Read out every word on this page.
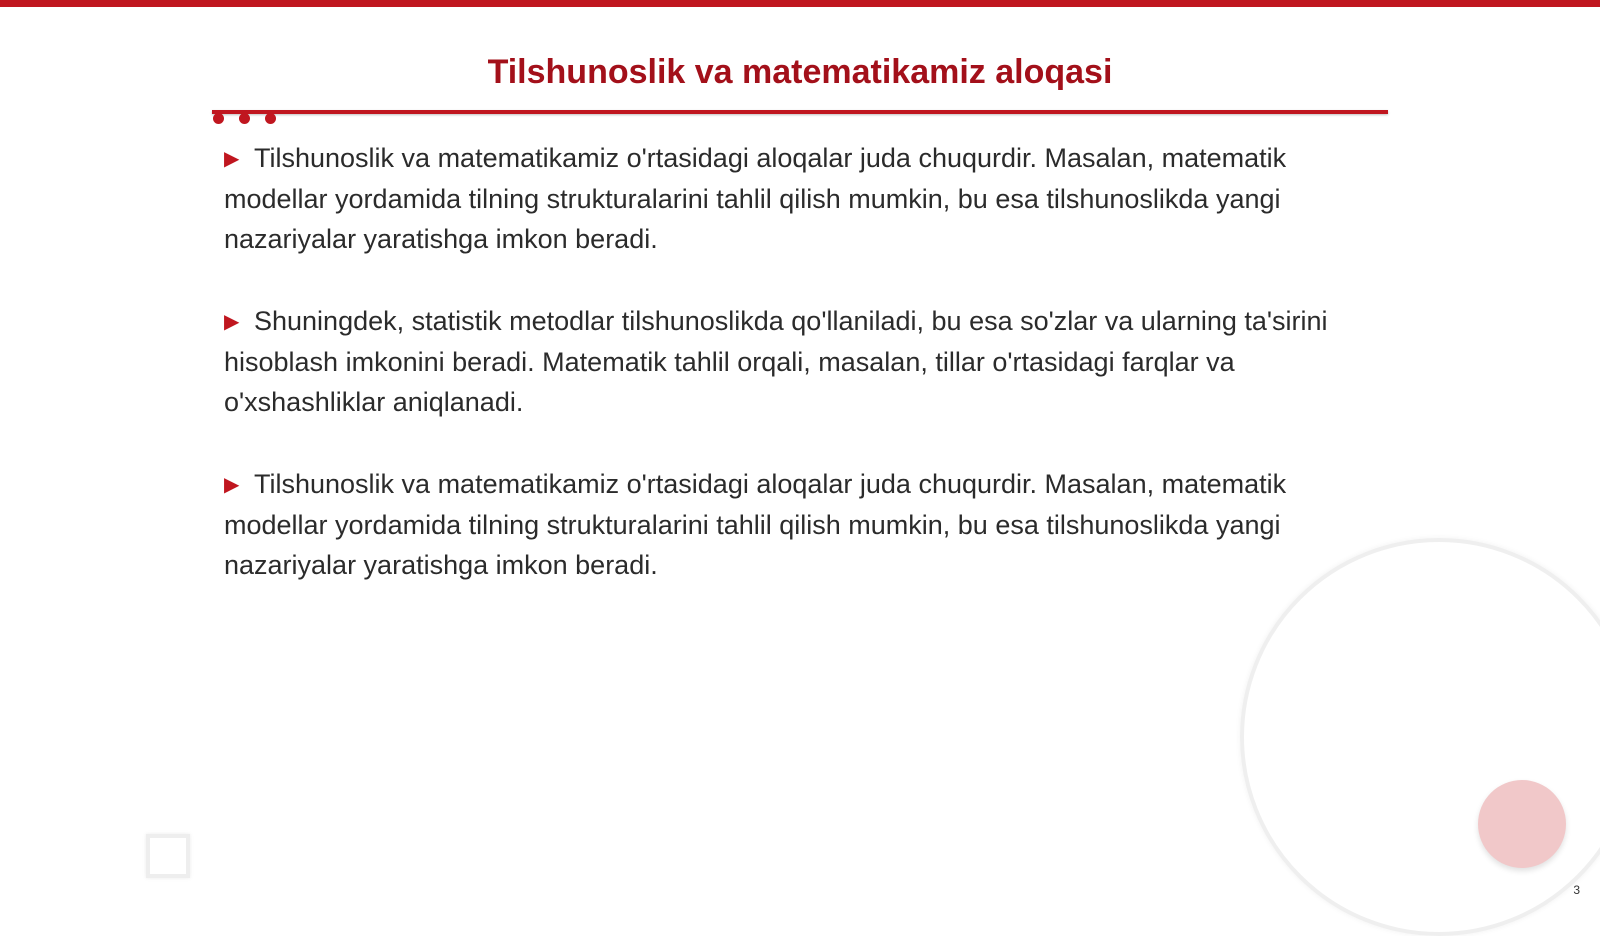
Tilshunoslik va matematikamiz aloqasi
▶ Tilshunoslik va matematikamiz o'rtasidagi aloqalar juda chuqurdir. Masalan, matematik modellar yordamida tilning strukturalarini tahlil qilish mumkin, bu esa tilshunoslikda yangi nazariyalar yaratishga imkon beradi.
▶ Shuningdek, statistik metodlar tilshunoslikda qo'llaniladi, bu esa so'zlar va ularning ta'sirini hisoblash imkonini beradi. Matematik tahlil orqali, masalan, tillar o'rtasidagi farqlar va o'xshashliklar aniqlanadi.
▶ Tilshunoslik va matematikamiz o'rtasidagi aloqalar juda chuqurdir. Masalan, matematik modellar yordamida tilning strukturalarini tahlil qilish mumkin, bu esa tilshunoslikda yangi nazariyalar yaratishga imkon beradi.
3
